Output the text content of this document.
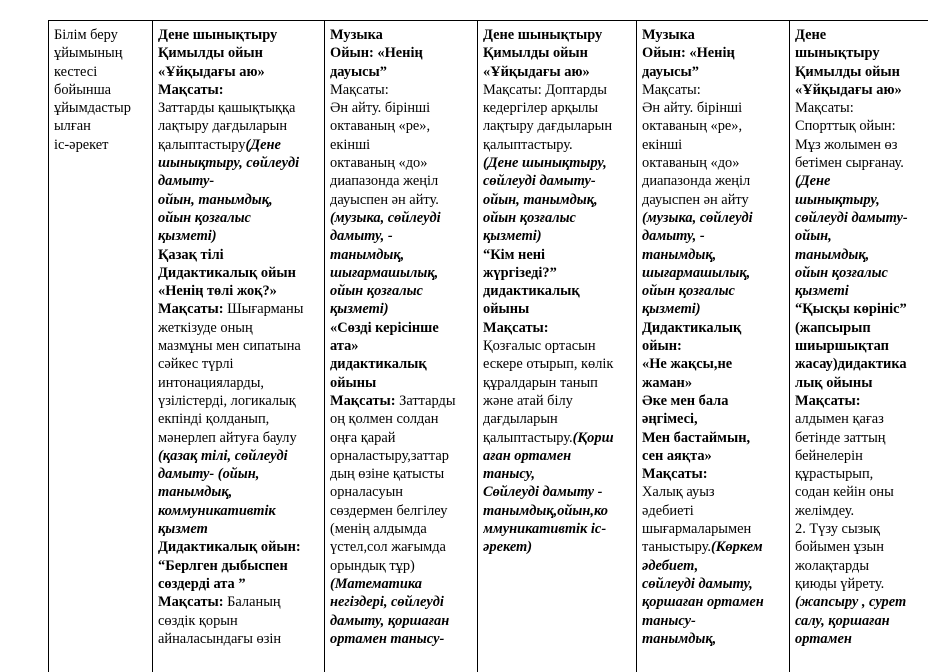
Білім беру
ұйымының
кестесі
бойынша
ұйымдастыр
ылған
іс-әрекет

Дене шынықтыру
Қимылды ойын
«Ұйқыдағы аю»
Мақсаты:
Заттарды қашықтыққа
лақтыру дағдыларын
қалыптастыру(Дене
шынықтыру, сөйлеуді
дамыту-
ойын, танымдық,
ойын қозғалыс
қызметі)
Қазақ тілі
Дидактикалық ойын
«Ненің төлі жоқ?»
Мақсаты: Шығарманы
жеткізуде оның
мазмұны мен сипатына
сәйкес түрлі
интонацияларды,
үзілістерді, логикалық
екпінді қолданып,
мәнерлеп айтуға баулу
(қазақ тілі, сөйлеуді
дамыту- (ойын,
танымдық,
коммуникативтік
қызмет
Дидактикалық ойын:
“Берлген дыбыспен
сөздерді ата ”
Мақсаты: Баланың
сөздік қорын
айналасындағы өзін

Музыка
Ойын: «Ненің
дауысы”
Мақсаты:
Ән айту. бірінші
октаваның «ре»,
екінші
октаваның «до»
диапазонда жеңіл
дауыспен ән айту.
(музыка, сөйлеуді
дамыту, -
танымдық,
шығармашылық,
ойын қозғалыс
қызметі)
«Сөзді керісінше
ата»
дидактикалық
ойыны
Мақсаты: Заттарды
оң қолмен солдан
оңға қарай
орналастыру,заттар
дың өзіне қатысты
орналасуын
сөздермен белгілеу
(менің алдымда
үстел,сол жағымда
орындық тұр)
(Математика
негіздері, сөйлеуді
дамыту, қоршаған
ортамен танысу-

Дене шынықтыру
Қимылды ойын
«Ұйқыдағы аю»
Мақсаты: Доптарды
кедергілер арқылы
лақтыру дағдыларын
қалыптастыру.
(Дене шынықтыру,
сөйлеуді дамыту-
ойын, танымдық,
ойын қозғалыс
қызметі)
“Кім нені
жүргізеді?”
дидактикалық
ойыны
Мақсаты:
Қозғалыс ортасын
ескере отырып, көлік
құралдарын танып
және атай білу
дағдыларын
қалыптастыру.(Қорш
аған ортамен
танысу,
Сөйлеуді дамыту -
танымдық,ойын,ко
ммуникативтік іс-
әрекет)

Музыка
Ойын: «Ненің
дауысы”
Мақсаты:
Ән айту. бірінші
октаваның «ре»,
екінші
октаваның «до»
диапазонда жеңіл
дауыспен ән айту
(музыка, сөйлеуді
дамыту, -
танымдық,
шығармашылық,
ойын қозғалыс
қызметі)
Дидактикалық
ойын:
«Не жақсы,не
жаман»
Әке мен бала
әңгімесі,
Мен бастаймын,
сен аяқта»
Мақсаты:
Халық ауыз
әдебиеті
шығармаларымен
таныстыру.(Көркем
әдебиет,
сөйлеуді дамыту,
қоршаған ортамен
танысу-
танымдық,

Дене
шынықтыру
Қимылды ойын
«Ұйқыдағы аю»
Мақсаты:
Спорттық ойын:
Мұз жолымен өз
бетімен сырғанау.
(Дене
шынықтыру,
сөйлеуді дамыту-
ойын,
танымдық,
ойын қозғалыс
қызметі
“Қысқы көрініс”
(жапсырып
шиыршықтап
жасау)дидактика
лық ойыны
Мақсаты:
алдымен қағаз
бетінде заттың
бейнелерін
құрастырып,
содан кейін оны
желімдеу.
2. Түзу сызық
бойымен ұзын
жолақтарды
қиюды үйрету.
(жапсыру , сурет
салу, қоршаған
ортамен
